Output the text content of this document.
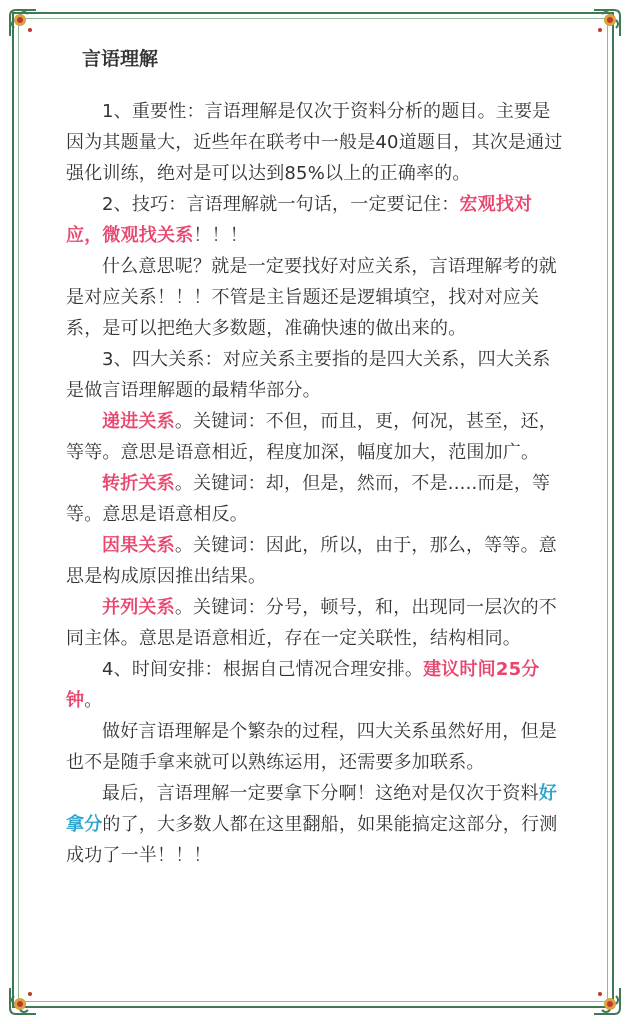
言语理解

1、重要性：言语理解是仅次于资料分析的题目。主要是因为其题量大，近些年在联考中一般是40道题目，其次是通过强化训练，绝对是可以达到85%以上的正确率的。

2、技巧：言语理解就一句话，一定要记住：宏观找对应，微观找关系！！！

什么意思呢？就是一定要找好对应关系，言语理解考的就是对应关系！！！不管是主旨题还是逻辑填空，找对对应关系，是可以把绝大多数题，准确快速的做出来的。

3、四大关系：对应关系主要指的是四大关系，四大关系是做言语理解题的最精华部分。

递进关系。关键词：不但，而且，更，何况，甚至，还，等等。意思是语意相近，程度加深，幅度加大，范围加广。

转折关系。关键词：却，但是，然而，不是.....而是，等等。意思是语意相反。

因果关系。关键词：因此，所以，由于，那么，等等。意思是构成原因推出结果。

并列关系。关键词：分号，顿号，和，出现同一层次的不同主体。意思是语意相近，存在一定关联性，结构相同。

4、时间安排：根据自己情况合理安排。建议时间25分钟。

做好言语理解是个繁杂的过程，四大关系虽然好用，但是也不是随手拿来就可以熟练运用，还需要多加联系。

最后，言语理解一定要拿下分啊！这绝对是仅次于资料好拿分的了，大多数人都在这里翻船，如果能搞定这部分，行测成功了一半！！！
